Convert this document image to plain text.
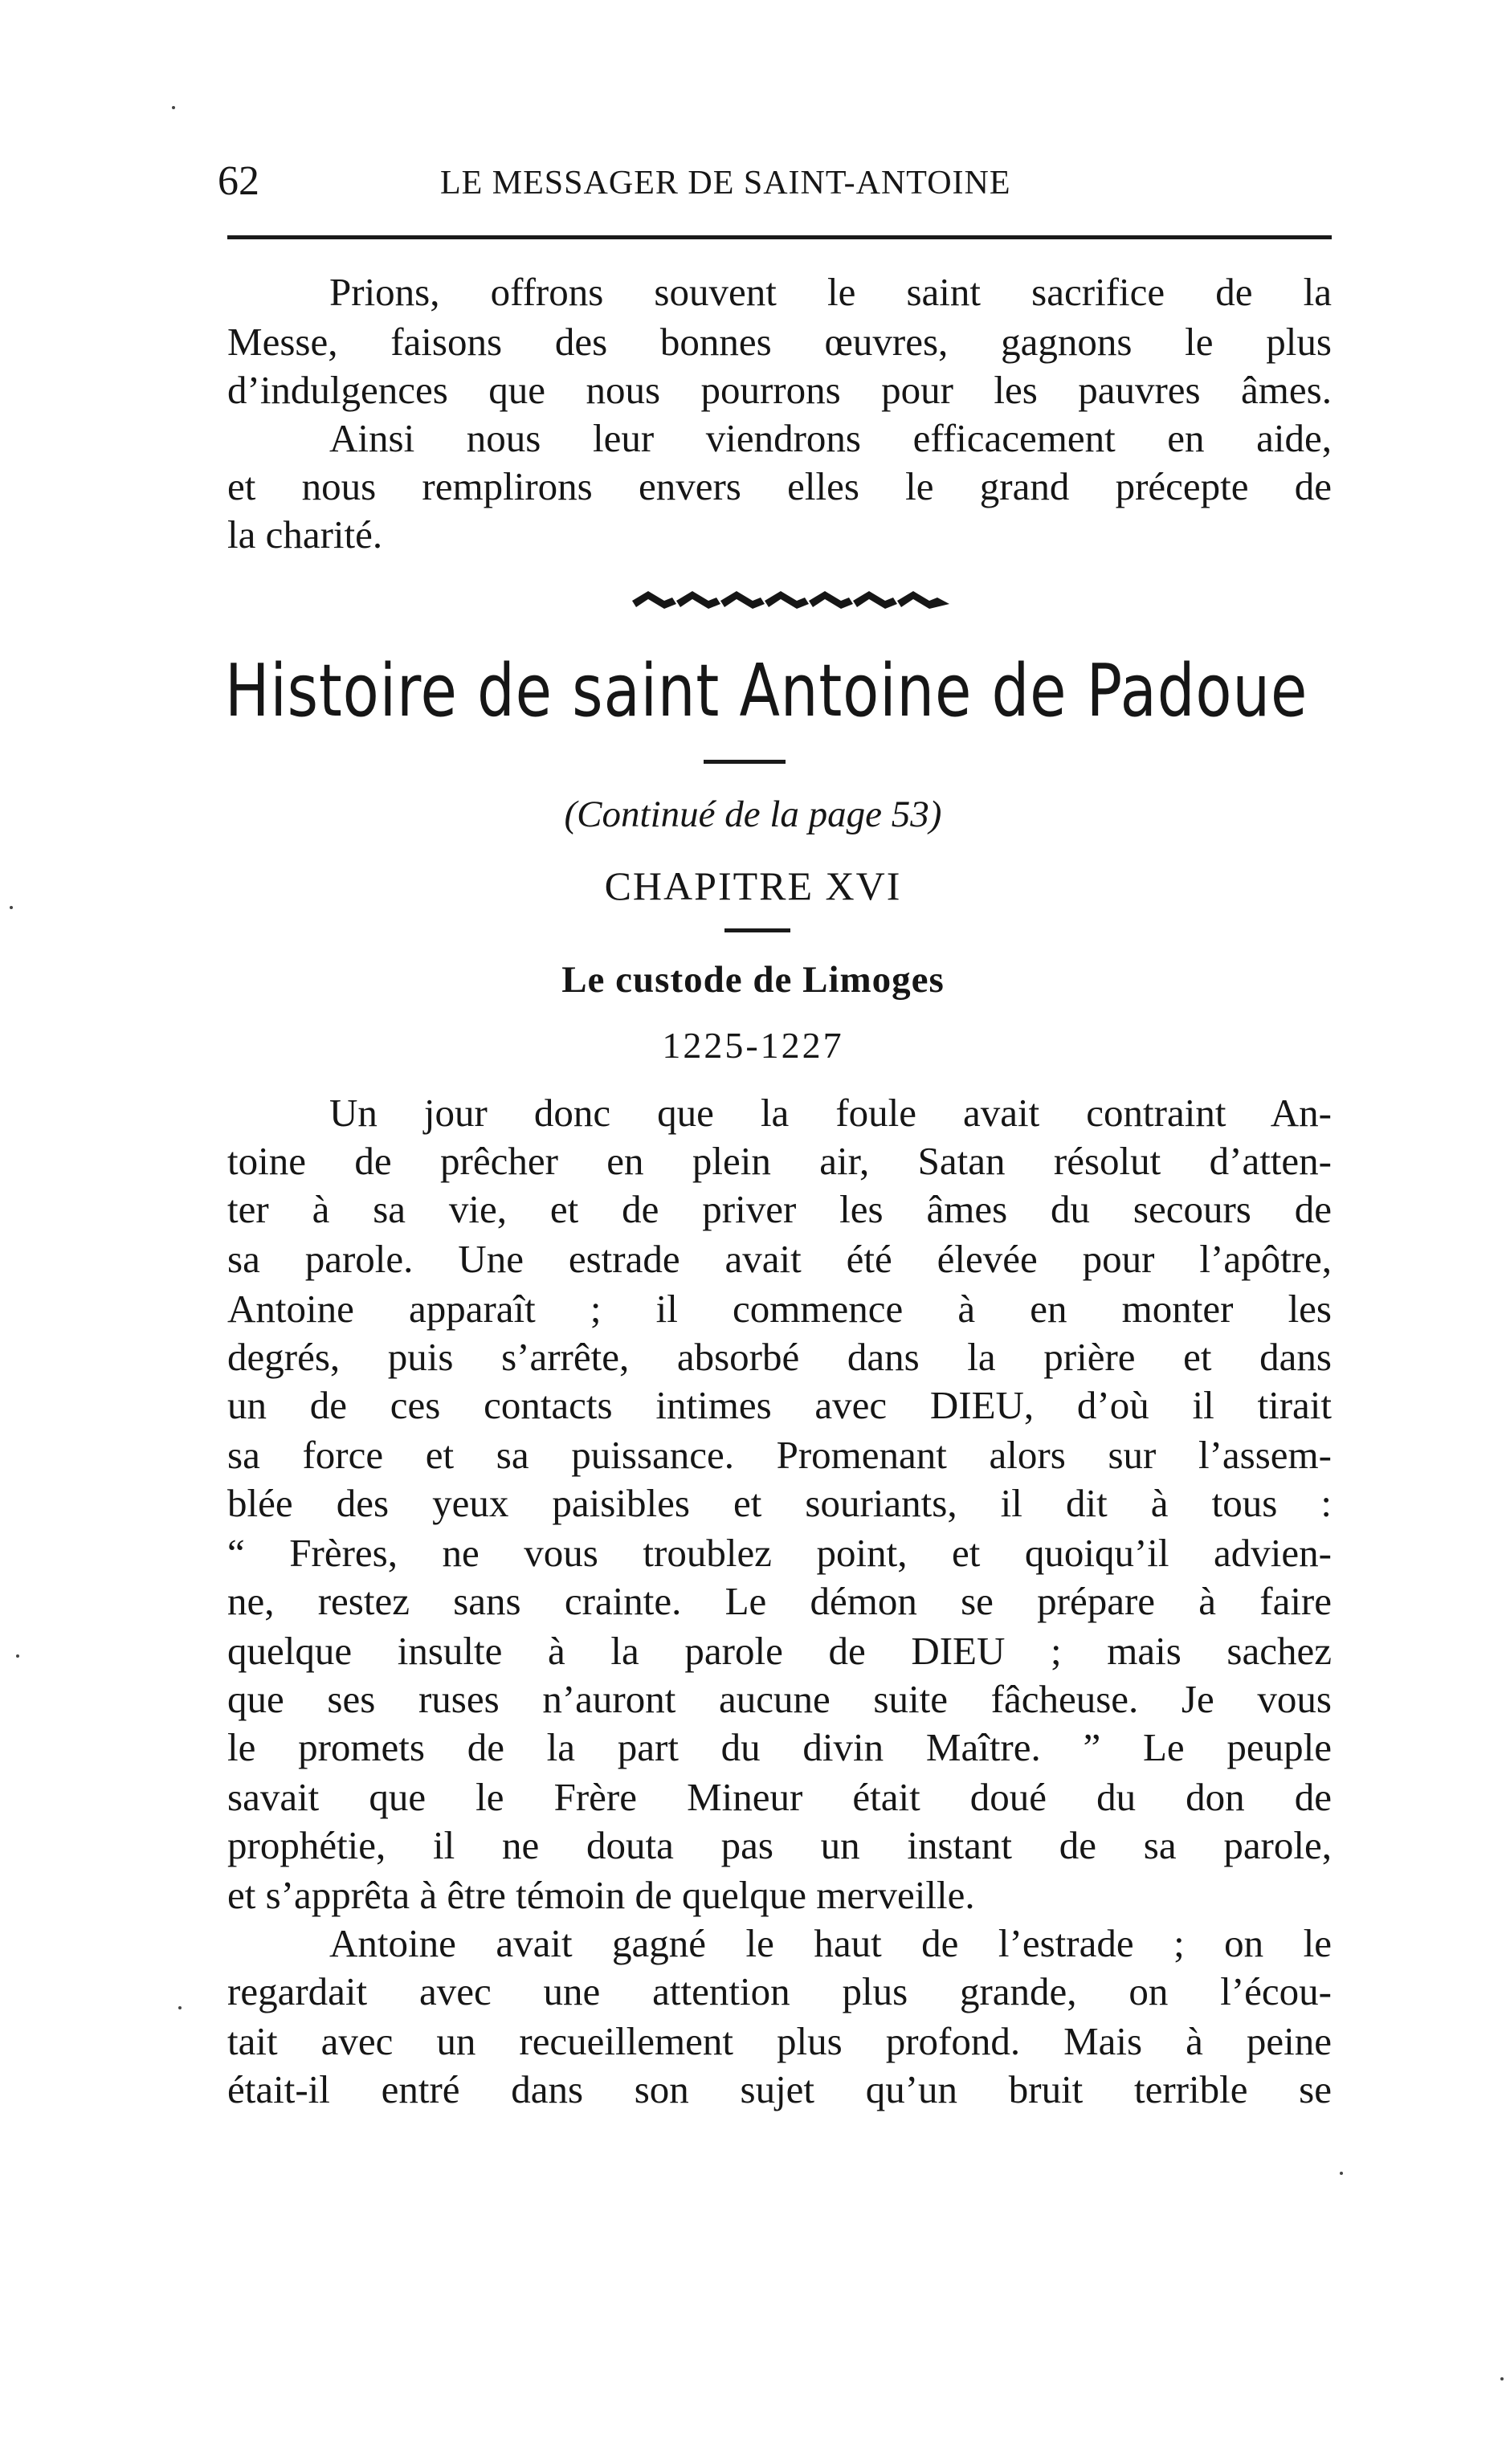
62	LE MESSAGER DE SAINT-ANTOINE
Prions, offrons souvent le saint sacrifice de la
Messe, faisons des bonnes œuvres, gagnons le plus
d’indulgences que nous pourrons pour les pauvres âmes.
Ainsi nous leur viendrons efficacement en aide,
et nous remplirons envers elles le grand précepte de
la charité.
Histoire de saint Antoine de Padoue
(Continué de la page 53)
CHAPITRE XVI
Le custode de Limoges
1225-1227
Un jour donc que la foule avait contraint An-
toine de prêcher en plein air, Satan résolut d’atten-
ter à sa vie, et de priver les âmes du secours de
sa parole. Une estrade avait été élevée pour l’apôtre,
Antoine apparaît ; il commence à en monter les
degrés, puis s’arrête, absorbé dans la prière et dans
un de ces contacts intimes avec DIEU, d’où il tirait
sa force et sa puissance. Promenant alors sur l’assem-
blée des yeux paisibles et souriants, il dit à tous :
“ Frères, ne vous troublez point, et quoiqu’il advien-
ne, restez sans crainte. Le démon se prépare à faire
quelque insulte à la parole de DIEU ; mais sachez
que ses ruses n’auront aucune suite fâcheuse. Je vous
le promets de la part du divin Maître. ” Le peuple
savait que le Frère Mineur était doué du don de
prophétie, il ne douta pas un instant de sa parole,
et s’apprêta à être témoin de quelque merveille.
Antoine avait gagné le haut de l’estrade ; on le
regardait avec une attention plus grande, on l’écou-
tait avec un recueillement plus profond. Mais à peine
était-il entré dans son sujet qu’un bruit terrible se
